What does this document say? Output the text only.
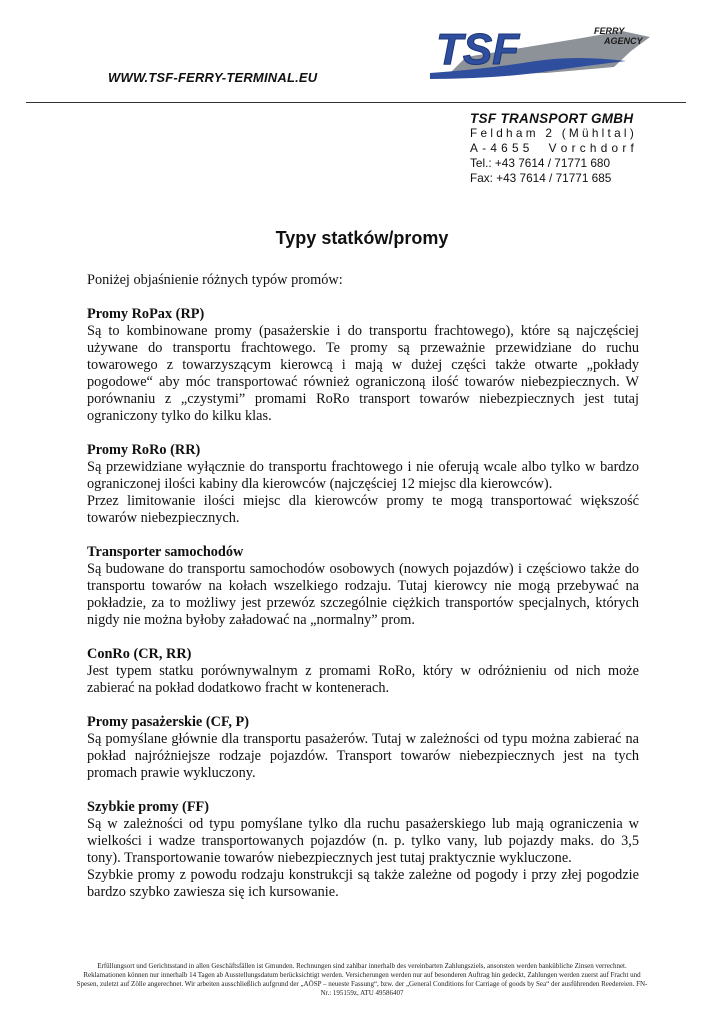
WWW.TSF-FERRY-TERMINAL.EU
TSF	FERRY
AGENCY
TSF TRANSPORT GMBH
F e l d h a m
2
( M ü h l t a l )
A - 4 6 5 5

V o r c h d o r f
Tel.: +43 7614 / 71771 680
Fax: +43 7614 / 71771 685
Typy statków/promy

Poniżej objaśnienie różnych typów promów:

Promy RoPax (RP)

Są to kombinowane promy (pasażerskie i do transportu frachtowego), które są najczęściej używane do transportu frachtowego. Te promy są przeważnie przewidziane do ruchu towarowego z towarzyszącym kierowcą i mają w dużej części także otwarte „pokłady pogodowe“ aby móc transportować również ograniczoną ilość towarów niebezpiecznych. W porównaniu z „czystymi” promami RoRo transport towarów niebezpiecznych jest tutaj ograniczony tylko do kilku klas.

Promy RoRo (RR)

Są przewidziane wyłącznie do transportu frachtowego i nie oferują wcale albo tylko w bardzo ograniczonej ilości kabiny dla kierowców (najczęściej 12 miejsc dla kierowców).

Przez limitowanie ilości miejsc dla kierowców promy te mogą transportować większość towarów niebezpiecznych.

Transporter samochodów

Są budowane do transportu samochodów osobowych (nowych pojazdów) i częściowo także do transportu towarów na kołach wszelkiego rodzaju. Tutaj kierowcy nie mogą przebywać na pokładzie, za to możliwy jest przewóz szczególnie ciężkich transportów specjalnych, których nigdy nie można byłoby załadować na „normalny” prom.

ConRo (CR, RR)

Jest typem statku porównywalnym z promami RoRo, który w odróżnieniu od nich może zabierać na pokład dodatkowo fracht w kontenerach.

Promy pasażerskie (CF, P)

Są pomyślane głównie dla transportu pasażerów. Tutaj w zależności od typu można zabierać na pokład najróżniejsze rodzaje pojazdów. Transport towarów niebezpiecznych jest na tych promach prawie wykluczony.

Szybkie promy (FF)

Są w zależności od typu pomyślane tylko dla ruchu pasażerskiego lub mają ograniczenia w wielkości i wadze transportowanych pojazdów (n. p. tylko vany, lub pojazdy maks. do 3,5 tony). Transportowanie towarów niebezpiecznych jest tutaj praktycznie wykluczone.

Szybkie promy z powodu rodzaju konstrukcji są także zależne od pogody i przy złej pogodzie bardzo szybko zawiesza się ich kursowanie.

Erfüllungsort und Gerichtsstand in allen Geschäftsfällen ist Gmunden. Rechnungen sind zahlbar innerhalb des vereinbarten Zahlungsziels, ansonsten werden bankübliche Zinsen verrechnet. Reklamationen können nur innerhalb 14 Tagen ab Ausstellungsdatum berücksichtigt werden. Versicherungen werden nur auf besonderen Auftrag hin gedeckt, Zahlungen werden zuerst auf Fracht und Spesen, zuletzt auf Zölle angerechnet. Wir arbeiten ausschließlich aufgrund der „AÖSP – neueste Fassung“, bzw. der „General Conditions for Carriage of goods by Sea“ der ausführenden Reedereien. FN-Nr.: 195159z, ATU 49586407
